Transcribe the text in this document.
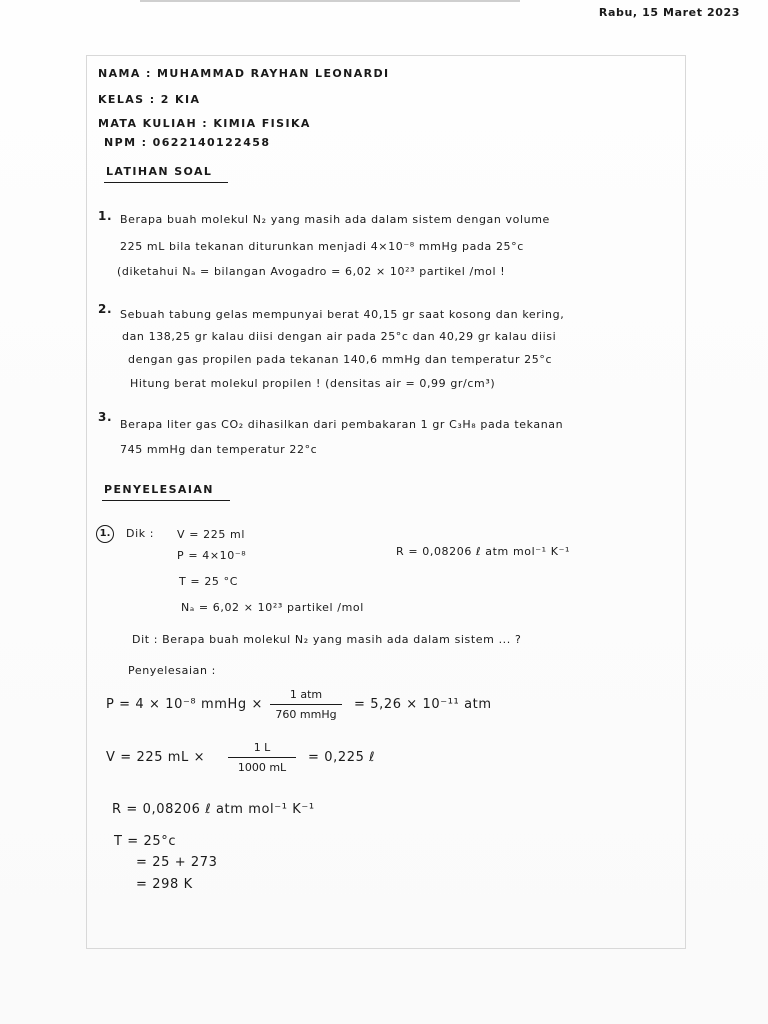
Rabu, 15 Maret 2023
NAMA : MUHAMMAD RAYHAN LEONARDI
KELAS : 2 KIA
MATA KULIAH : KIMIA FISIKA
NPM : 0622140122458
LATIHAN SOAL
1. Berapa buah molekul N₂ yang masih ada dalam sistem dengan volume
225 mL bila tekanan diturunkan menjadi 4×10⁻⁸ mmHg pada 25°c
(diketahui Nₐ = bilangan Avogadro = 6,02 × 10²³ partikel /mol !
2. Sebuah tabung gelas mempunyai berat 40,15 gr saat kosong dan kering,
dan 138,25 gr kalau diisi dengan air pada 25°c dan 40,29 gr kalau diisi
dengan gas propilen pada tekanan 140,6 mmHg dan temperatur 25°c
Hitung berat molekul propilen ! (densitas air = 0,99 gr/cm³)
3.
Berapa liter gas CO₂ dihasilkan dari pembakaran 1 gr C₃H₈ pada tekanan
745 mmHg dan temperatur 22°c
PENYELESAIAN
1.	Dik : V = 225 ml
P = 4×10⁻⁸	R = 0,08206 ℓ atm mol⁻¹ K⁻¹
T = 25 °C
Nₐ = 6,02 × 10²³ partikel /mol
Dit : Berapa buah molekul N₂ yang masih ada dalam sistem ... ?
Penyelesaian :
P = 4 × 10⁻⁸ mmHg ×
1 atm
760 mmHg
= 5,26 × 10⁻¹¹ atm
V = 225 mL ×
1 L
1000 mL
= 0,225 ℓ
R = 0,08206 ℓ atm mol⁻¹ K⁻¹
T = 25°c
= 25 + 273
= 298 K
